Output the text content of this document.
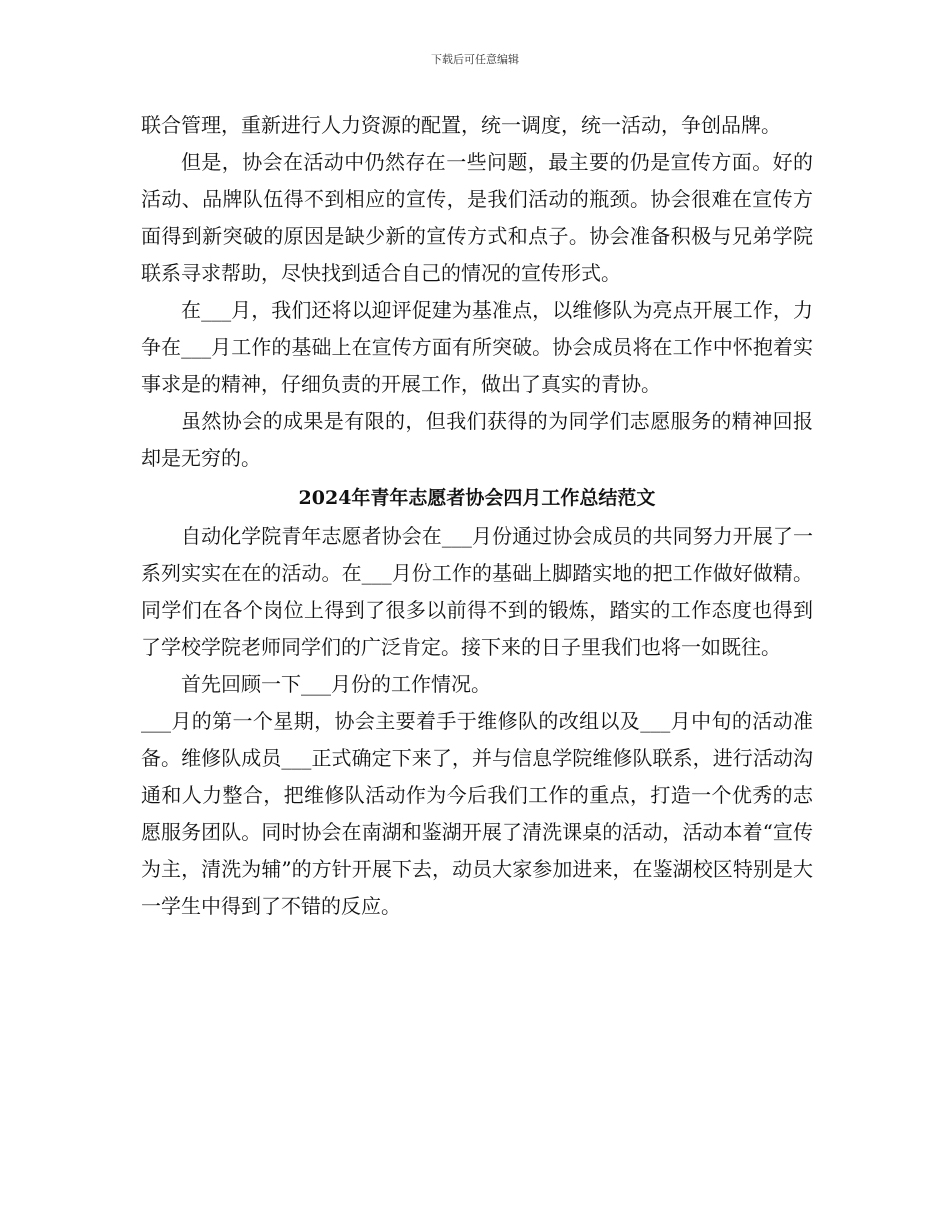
下载后可任意编辑

联合管理，重新进行人力资源的配置，统一调度，统一活动，争创品牌。

但是，协会在活动中仍然存在一些问题，最主要的仍是宣传方面。好的活动、品牌队伍得不到相应的宣传，是我们活动的瓶颈。协会很难在宣传方面得到新突破的原因是缺少新的宣传方式和点子。协会准备积极与兄弟学院联系寻求帮助，尽快找到适合自己的情况的宣传形式。

在___月，我们还将以迎评促建为基准点，以维修队为亮点开展工作，力争在___月工作的基础上在宣传方面有所突破。协会成员将在工作中怀抱着实事求是的精神，仔细负责的开展工作，做出了真实的青协。

虽然协会的成果是有限的，但我们获得的为同学们志愿服务的精神回报却是无穷的。

2024年青年志愿者协会四月工作总结范文

自动化学院青年志愿者协会在___月份通过协会成员的共同努力开展了一系列实实在在的活动。在___月份工作的基础上脚踏实地的把工作做好做精。同学们在各个岗位上得到了很多以前得不到的锻炼，踏实的工作态度也得到了学校学院老师同学们的广泛肯定。接下来的日子里我们也将一如既往。

首先回顾一下___月份的工作情况。

___月的第一个星期，协会主要着手于维修队的改组以及___月中旬的活动准备。维修队成员___正式确定下来了，并与信息学院维修队联系，进行活动沟通和人力整合，把维修队活动作为今后我们工作的重点，打造一个优秀的志愿服务团队。同时协会在南湖和鉴湖开展了清洗课桌的活动，活动本着“宣传为主，清洗为辅”的方针开展下去，动员大家参加进来，在鉴湖校区特别是大一学生中得到了不错的反应。
